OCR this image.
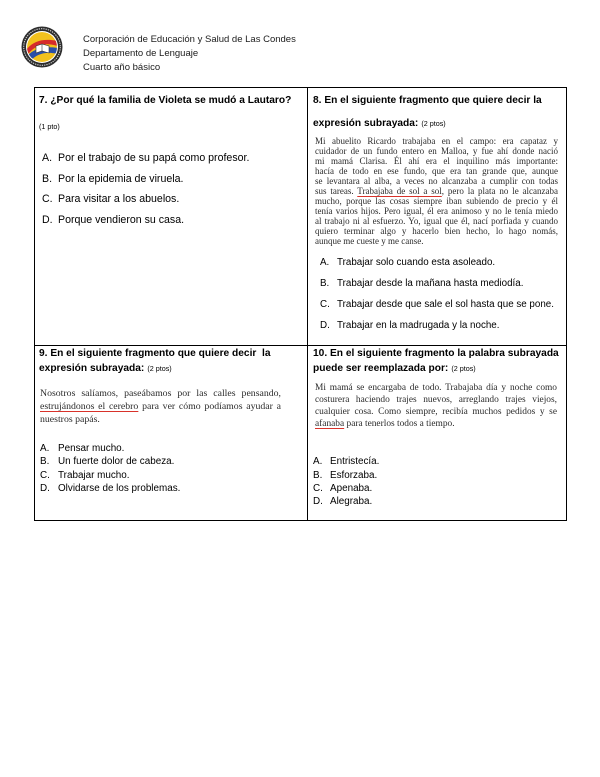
Corporación de Educación y Salud de Las Condes
Departamento de Lenguaje
Cuarto año básico
7. ¿Por qué la familia de Violeta se mudó a Lautaro?
(1 pto)
A. Por el trabajo de su papá como profesor.
B. Por la epidemia de viruela.
C. Para visitar a los abuelos.
D. Porque vendieron su casa.
8. En el siguiente fragmento que quiere decir la
expresión subrayada: (2 ptos)
Mi abuelito Ricardo trabajaba en el campo: era capataz y
cuidador de un fundo entero en Malloa, y fue ahí donde nació
mi mamá Clarisa. Él ahí era el inquilino más importante:
hacía de todo en ese fundo, que era tan grande que, aunque
se levantara al alba, a veces no alcanzaba a cumplir con todas
sus tareas. Trabajaba de sol a sol, pero la plata no le alcanzaba
mucho, porque las cosas siempre iban subiendo de precio y él
tenía varios hijos. Pero igual, él era animoso y no le tenía miedo
al trabajo ni al esfuerzo. Yo, igual que él, nací porfiada y cuando
quiero terminar algo y hacerlo bien hecho, lo hago nomás,
aunque me cueste y me canse.
A. Trabajar solo cuando esta asoleado.
B. Trabajar desde la mañana hasta mediodía.
C. Trabajar desde que sale el sol hasta que se pone.
D. Trabajar en la madrugada y la noche.
9. En el siguiente fragmento que quiere decir  la
expresión subrayada: (2 ptos)
Nosotros salíamos, paseábamos por las calles pensando,
estrujándonos el cerebro para ver cómo podíamos ayudar a
nuestros papás.
A. Pensar mucho.
B. Un fuerte dolor de cabeza.
C. Trabajar mucho.
D. Olvidarse de los problemas.
10. En el siguiente fragmento la palabra subrayada
puede ser reemplazada por: (2 ptos)
Mi mamá se encargaba de todo. Trabajaba día y noche como
costurera haciendo trajes nuevos, arreglando trajes viejos,
cualquier cosa. Como siempre, recibía muchos pedidos y se
afanaba para tenerlos todos a tiempo.
A. Entristecía.
B. Esforzaba.
C. Apenaba.
D. Alegraba.
